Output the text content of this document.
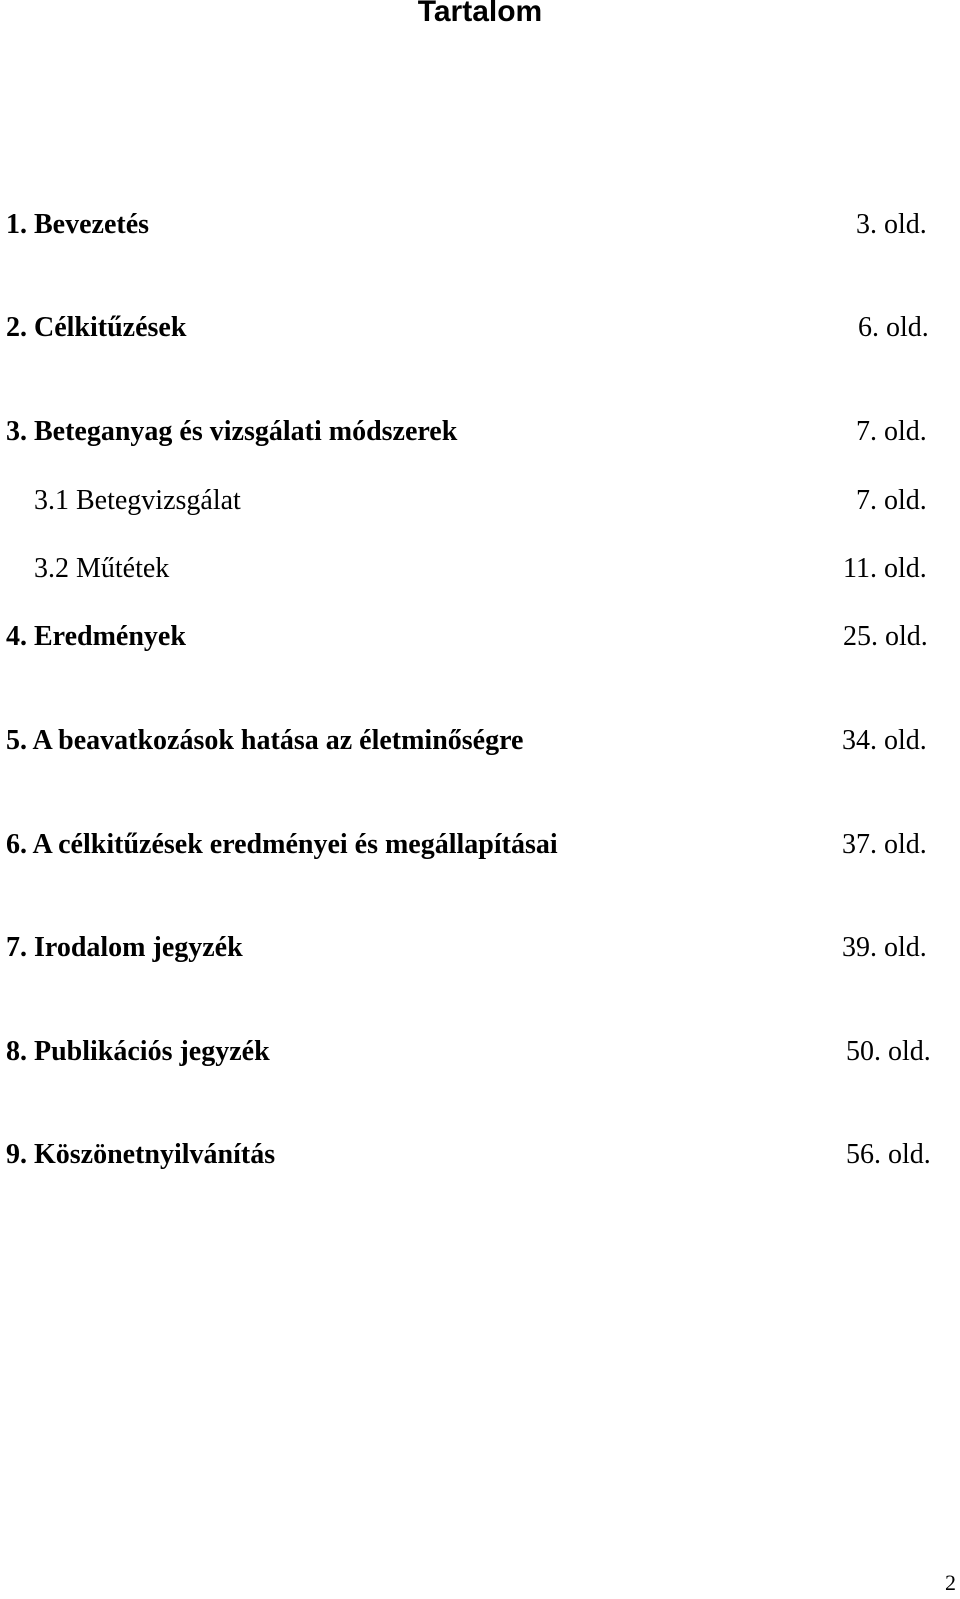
Tartalom
1. Bevezetés	3. old.
2. Célkitűzések	6. old.
3. Beteganyag és vizsgálati módszerek	7. old.
3.1 Betegvizsgálat	7. old.
3.2 Műtétek	11. old.
4. Eredmények	25. old.
5. A beavatkozások hatása az életminőségre	34. old.
6. A célkitűzések eredményei és megállapításai	37. old.
7. Irodalom jegyzék	39. old.
8. Publikációs jegyzék	50. old.
9. Köszönetnyilvánítás	56. old.
2
